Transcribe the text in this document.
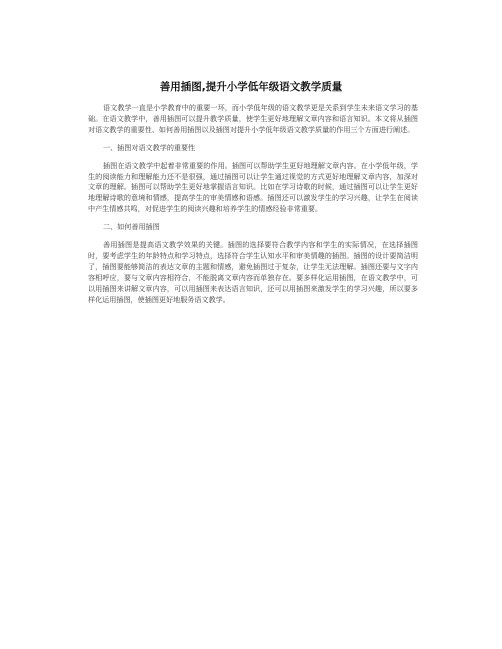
善用插图,提升小学低年级语文教学质量

语文教学一直是小学教育中的重要一环，而小学低年级的语文教学更是关系到学生未来语文学习的基础。在语文教学中，善用插图可以提升教学质量，使学生更好地理解文章内容和语言知识。本文将从插图对语文教学的重要性、如何善用插图以及插图对提升小学低年级语文教学质量的作用三个方面进行阐述。

一、插图对语文教学的重要性

插图在语文教学中起着非常重要的作用。插图可以帮助学生更好地理解文章内容。在小学低年级，学生的阅读能力和理解能力还不是很强，通过插图可以让学生通过视觉的方式更好地理解文章内容，加深对文章的理解。插图可以帮助学生更好地掌握语言知识。比如在学习诗歌的时候，通过插图可以让学生更好地理解诗歌的意境和情感，提高学生的审美情感和语感。插图还可以激发学生的学习兴趣，让学生在阅读中产生情感共鸣，对促进学生的阅读兴趣和培养学生的情感经验非常重要。

二、如何善用插图

善用插图是提高语文教学效果的关键。插图的选择要符合教学内容和学生的实际情况，在选择插图时，要考虑学生的年龄特点和学习特点，选择符合学生认知水平和审美情趣的插图。插图的设计要简洁明了，插图要能够简洁的表达文章的主题和情感，避免插图过于复杂，让学生无法理解。插图还要与文字内容相呼应，要与文章内容相符合，不能脱离文章内容而单独存在。要多样化运用插图，在语文教学中，可以用插图来讲解文章内容，可以用插图来表达语言知识，还可以用插图来激发学生的学习兴趣，所以要多样化运用插图，使插图更好地服务语文教学。
